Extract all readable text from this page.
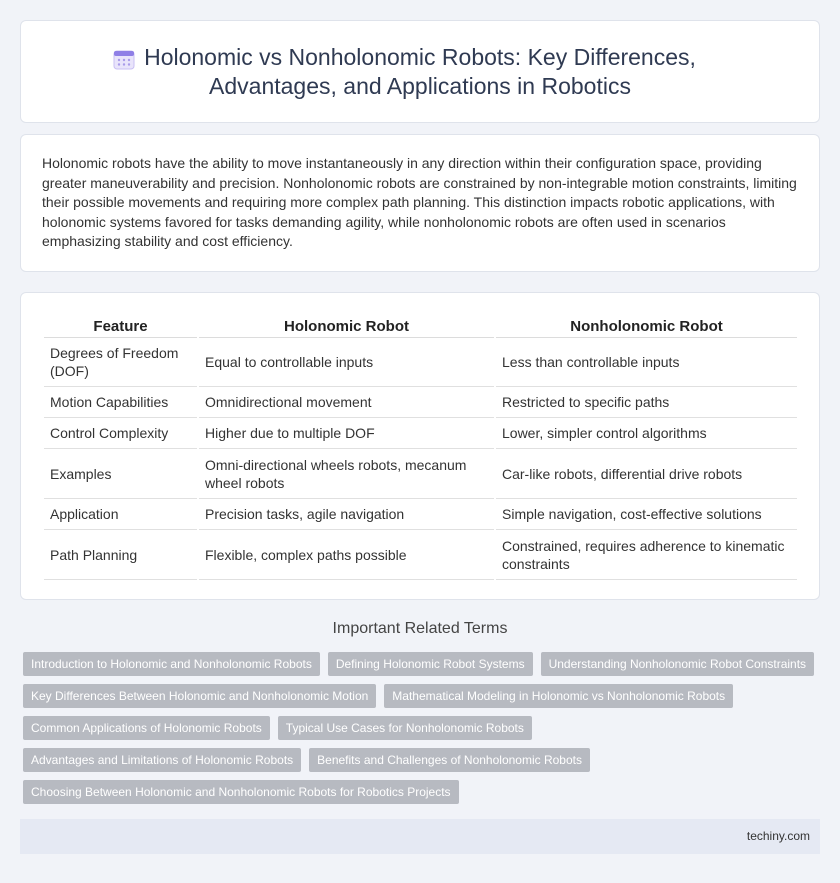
Holonomic vs Nonholonomic Robots: Key Differences,
Advantages, and Applications in Robotics

Holonomic robots have the ability to move instantaneously in any direction within their configuration space, providing greater maneuverability and precision. Nonholonomic robots are constrained by non-integrable motion constraints, limiting their possible movements and requiring more complex path planning. This distinction impacts robotic applications, with holonomic systems favored for tasks demanding agility, while nonholonomic robots are often used in scenarios emphasizing stability and cost efficiency.

Feature	Holonomic Robot	Nonholonomic Robot
Degrees of Freedom (DOF)	Equal to controllable inputs	Less than controllable inputs
Motion Capabilities	Omnidirectional movement	Restricted to specific paths
Control Complexity	Higher due to multiple DOF	Lower, simpler control algorithms
Examples	Omni-directional wheels robots, mecanum wheel robots	Car-like robots, differential drive robots
Application	Precision tasks, agile navigation	Simple navigation, cost-effective solutions
Path Planning	Flexible, complex paths possible	Constrained, requires adherence to kinematic constraints
Important Related Terms
Introduction to Holonomic and Nonholonomic Robots	Defining Holonomic Robot Systems	Understanding Nonholonomic Robot Constraints
Key Differences Between Holonomic and Nonholonomic Motion	Mathematical Modeling in Holonomic vs Nonholonomic Robots
Common Applications of Holonomic Robots	Typical Use Cases for Nonholonomic Robots
Advantages and Limitations of Holonomic Robots	Benefits and Challenges of Nonholonomic Robots
Choosing Between Holonomic and Nonholonomic Robots for Robotics Projects
techiny.com
